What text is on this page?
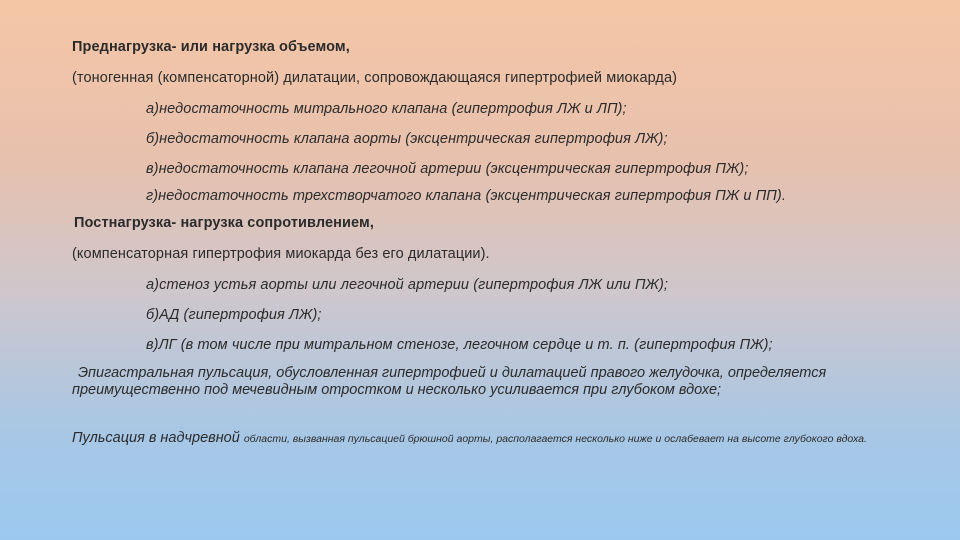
Преднагрузка- или нагрузка объемом,
(тоногенная (компенсаторной) дилатации, сопровождающаяся гипертрофией миокарда)
а)недостаточность митрального клапана (гипертрофия ЛЖ и ЛП);
б)недостаточность клапана аорты (эксцентрическая гипертрофия ЛЖ);
в)недостаточность клапана легочной артерии (эксцентрическая гипертрофия ПЖ);
г)недостаточность трехстворчатого клапана (эксцентрическая гипертрофия ПЖ и ПП).
Постнагрузка- нагрузка сопротивлением,
(компенсаторная гипертрофия миокарда без его дилатации).
а)стеноз устья аорты или легочной артерии (гипертрофия ЛЖ или ПЖ);
б)АД (гипертрофия ЛЖ);
в)ЛГ (в том числе при митральном стенозе, легочном сердце и т. п. (гипертрофия ПЖ);
Эпигастральная пульсация, обусловленная гипертрофией и дилатацией правого желудочка, определяется преимущественно под мечевидным отростком и несколько усиливается при глубоком вдохе;
Пульсация в надчревной области, вызванная пульсацией брюшной аорты, располагается несколько ниже и ослабевает на высоте глубокого вдоха.
